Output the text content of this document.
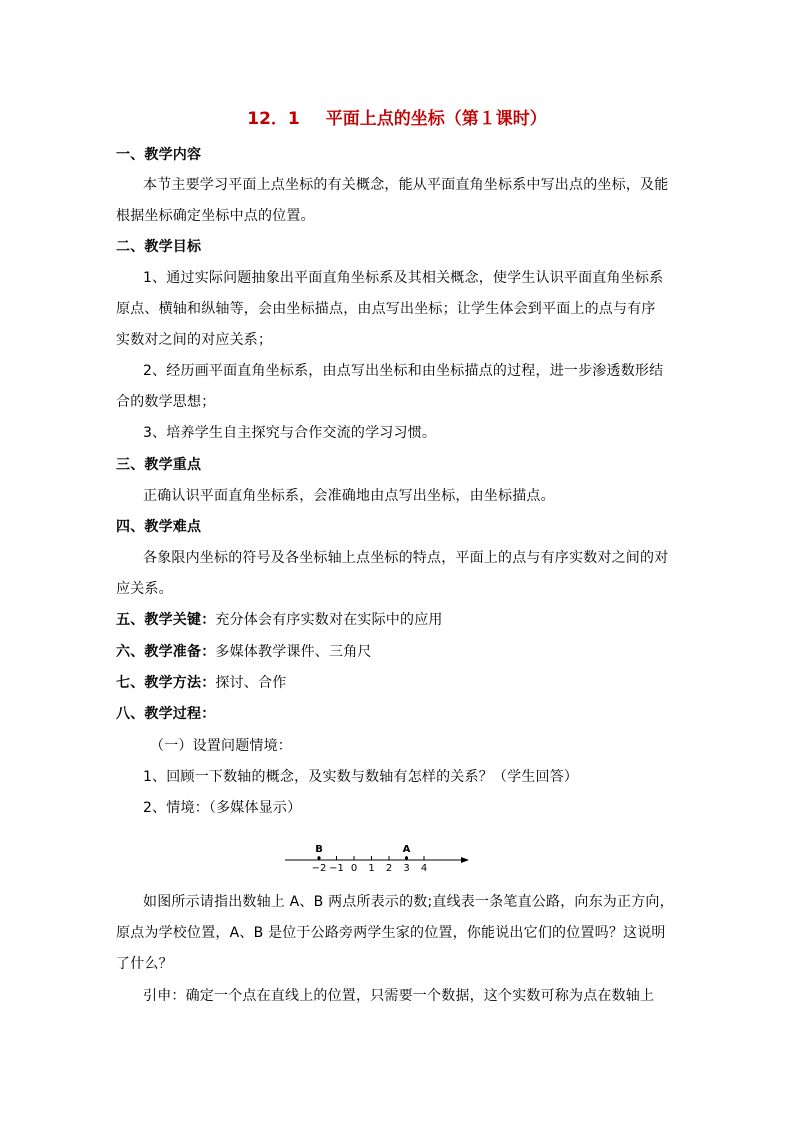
12．1 平面上点的坐标（第１课时）
一、教学内容
本节主要学习平面上点坐标的有关概念，能从平面直角坐标系中写出点的坐标，及能
根据坐标确定坐标中点的位置。
二、教学目标
1、通过实际问题抽象出平面直角坐标系及其相关概念，使学生认识平面直角坐标系
原点、横轴和纵轴等，会由坐标描点，由点写出坐标；让学生体会到平面上的点与有序
实数对之间的对应关系；
2、经历画平面直角坐标系，由点写出坐标和由坐标描点的过程，进一步渗透数形结
合的数学思想；
3、培养学生自主探究与合作交流的学习习惯。
三、教学重点
正确认识平面直角坐标系，会准确地由点写出坐标，由坐标描点。
四、教学难点
各象限内坐标的符号及各坐标轴上点坐标的特点，平面上的点与有序实数对之间的对
应关系。
五、教学关键：充分体会有序实数对在实际中的应用
六、教学准备：多媒体教学课件、三角尺
七、教学方法：探讨、合作
八、教学过程：
（一）设置问题情境：
1、回顾一下数轴的概念，及实数与数轴有怎样的关系？（学生回答）
2、情境：（多媒体显示）
−2 −1 0 1 2 3 4
B	A
如图所示请指出数轴上 A、B 两点所表示的数;直线表一条笔直公路，向东为正方向，
原点为学校位置，A、B 是位于公路旁两学生家的位置，你能说出它们的位置吗？这说明
了什么？
引申：确定一个点在直线上的位置，只需要一个数据，这个实数可称为点在数轴上
